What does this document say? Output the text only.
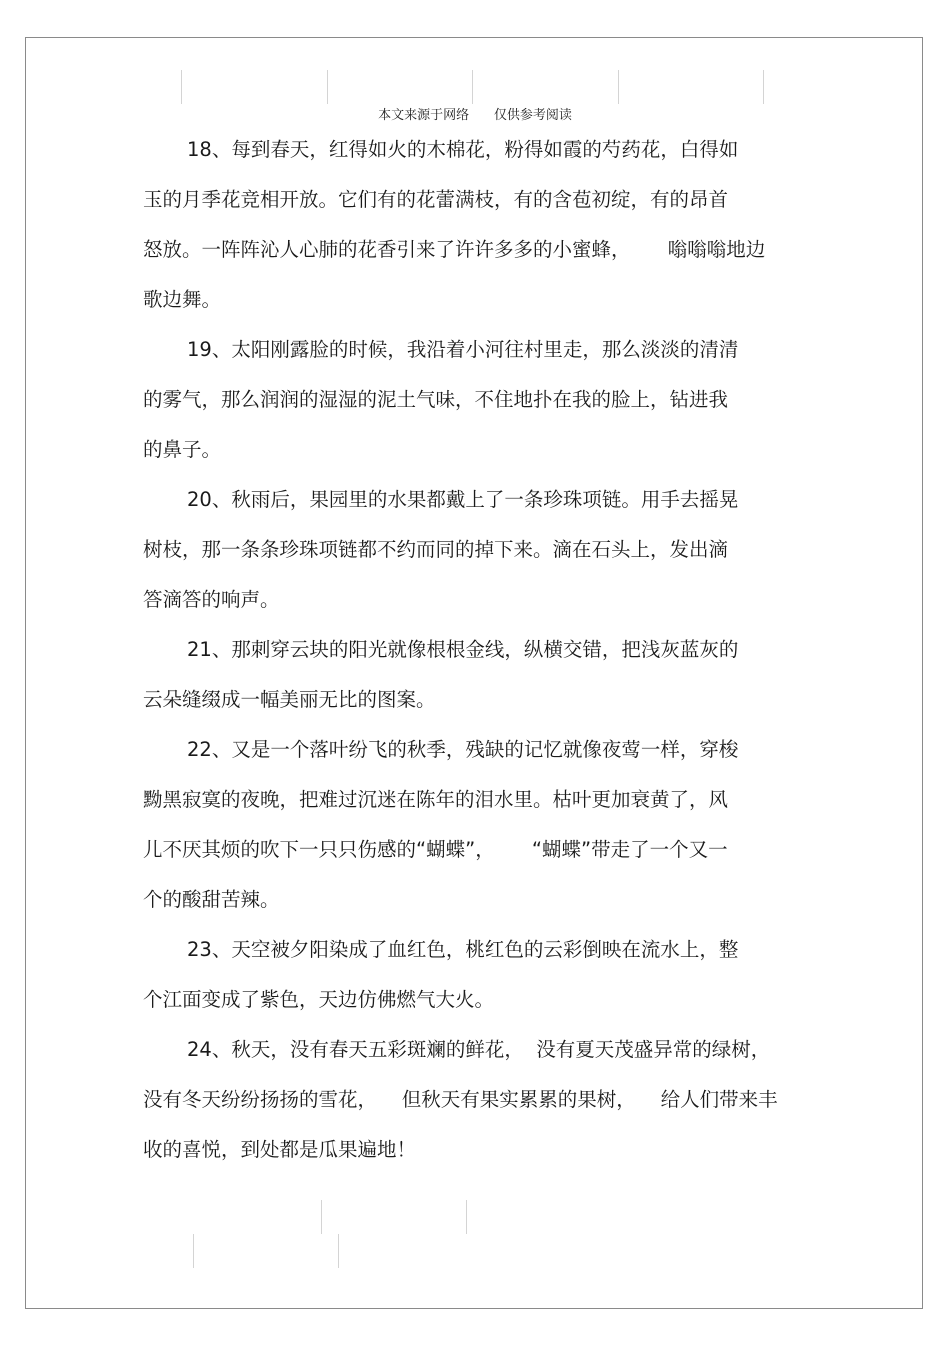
本文来源于网络      仅供参考阅读
18、每到春天，红得如火的木棉花，粉得如霞的芍药花，白得如
玉的月季花竞相开放。它们有的花蕾满枝，有的含苞初绽，有的昂首
怒放。一阵阵沁人心肺的花香引来了许许多多的小蜜蜂，      嗡嗡嗡地边
歌边舞。
19、太阳刚露脸的时候，我沿着小河往村里走，那么淡淡的清清
的雾气，那么润润的湿湿的泥土气味，不住地扑在我的脸上，钻进我
的鼻子。
20、秋雨后，果园里的水果都戴上了一条珍珠项链。用手去摇晃
树枝，那一条条珍珠项链都不约而同的掉下来。滴在石头上，发出滴
答滴答的响声。
21、那刺穿云块的阳光就像根根金线，纵横交错，把浅灰蓝灰的
云朵缝缀成一幅美丽无比的图案。
22、又是一个落叶纷飞的秋季，残缺的记忆就像夜莺一样，穿梭
黝黑寂寞的夜晚，把难过沉迷在陈年的泪水里。枯叶更加衰黄了，风
儿不厌其烦的吹下一只只伤感的“蝴蝶”，      “蝴蝶”带走了一个又一
个的酸甜苦辣。
23、天空被夕阳染成了血红色，桃红色的云彩倒映在流水上，整
个江面变成了紫色，天边仿佛燃气大火。
24、秋天，没有春天五彩斑斓的鲜花，  没有夏天茂盛异常的绿树，
没有冬天纷纷扬扬的雪花，    但秋天有果实累累的果树，    给人们带来丰
收的喜悦，到处都是瓜果遍地！
